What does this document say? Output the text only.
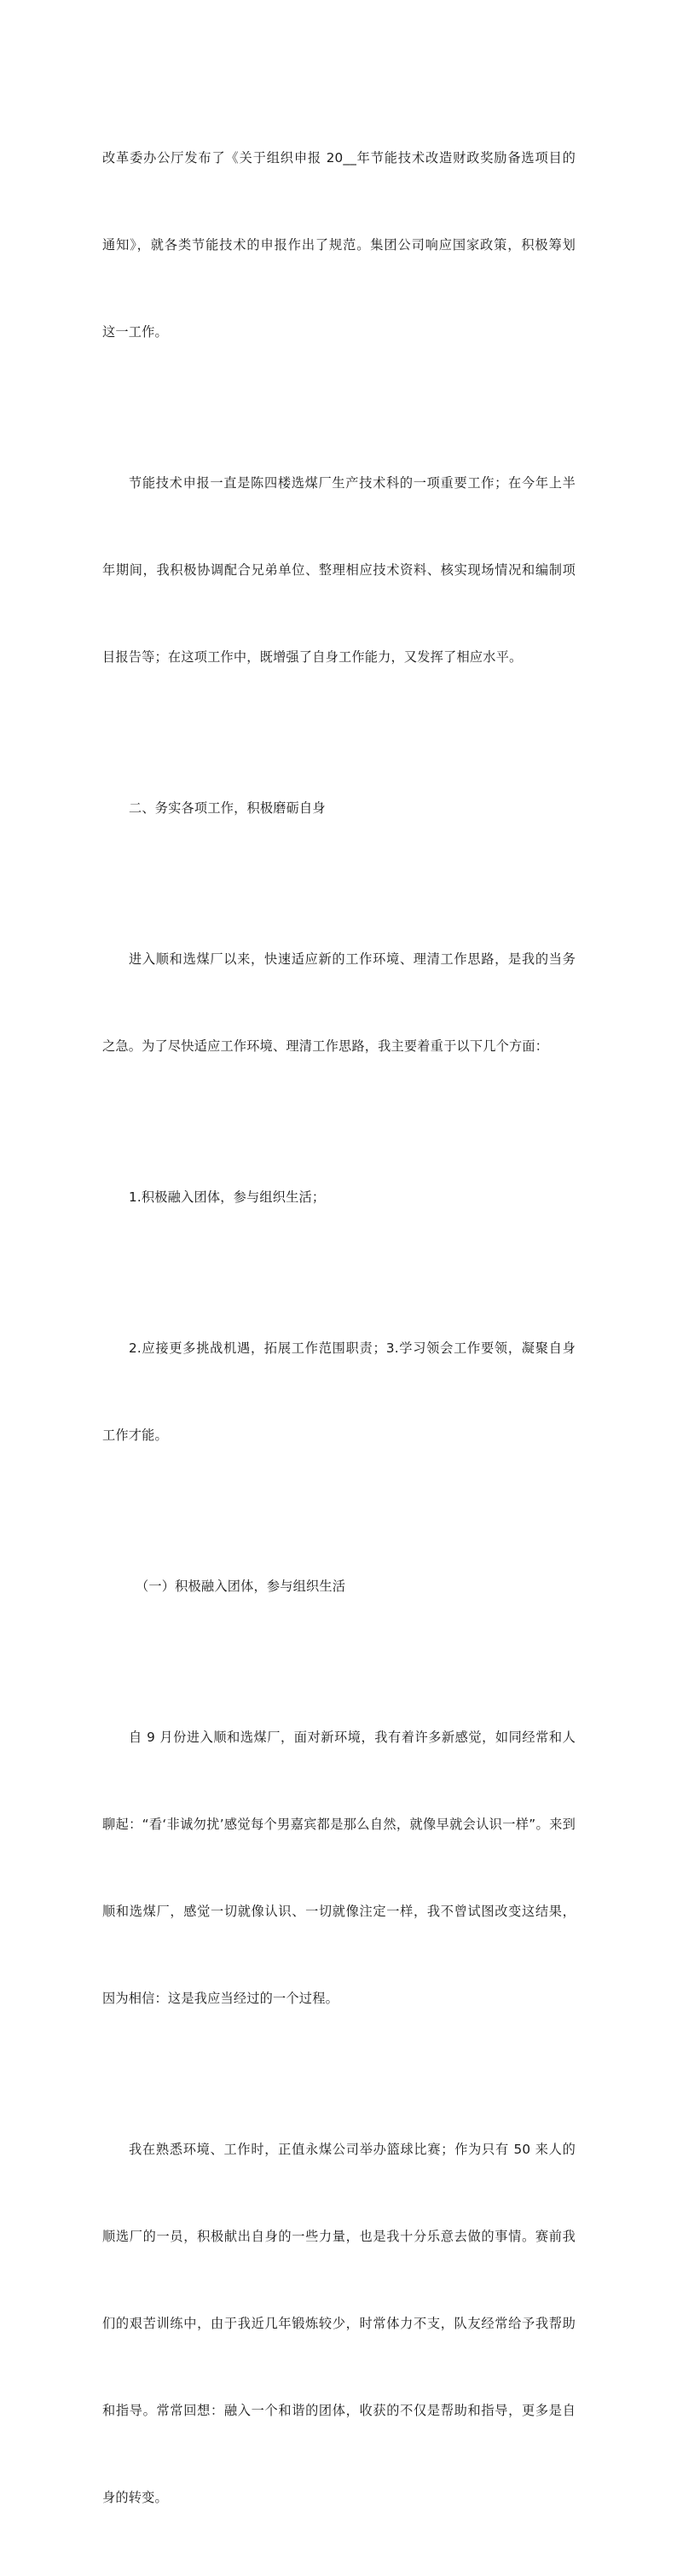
改革委办公厅发布了《关于组织申报 20__年节能技术改造财政奖励备选项目的

通知》，就各类节能技术的申报作出了规范。集团公司响应国家政策，积极筹划

这一工作。

节能技术申报一直是陈四楼选煤厂生产技术科的一项重要工作；在今年上半

年期间，我积极协调配合兄弟单位、整理相应技术资料、核实现场情况和编制项

目报告等；在这项工作中，既增强了自身工作能力，又发挥了相应水平。

二、务实各项工作，积极磨砺自身

进入顺和选煤厂以来，快速适应新的工作环境、理清工作思路，是我的当务

之急。为了尽快适应工作环境、理清工作思路，我主要着重于以下几个方面：

1.积极融入团体，参与组织生活；

2.应接更多挑战机遇，拓展工作范围职责；3.学习领会工作要领，凝聚自身

工作才能。

（一）积极融入团体，参与组织生活

自 9 月份进入顺和选煤厂，面对新环境，我有着许多新感觉，如同经常和人

聊起：“看‘非诚勿扰’感觉每个男嘉宾都是那么自然，就像早就会认识一样”。来到

顺和选煤厂，感觉一切就像认识、一切就像注定一样，我不曾试图改变这结果，

因为相信：这是我应当经过的一个过程。

我在熟悉环境、工作时，正值永煤公司举办篮球比赛；作为只有 50 来人的

顺选厂的一员，积极献出自身的一些力量，也是我十分乐意去做的事情。赛前我

们的艰苦训练中，由于我近几年锻炼较少，时常体力不支，队友经常给予我帮助

和指导。常常回想：融入一个和谐的团体，收获的不仅是帮助和指导，更多是自

身的转变。
